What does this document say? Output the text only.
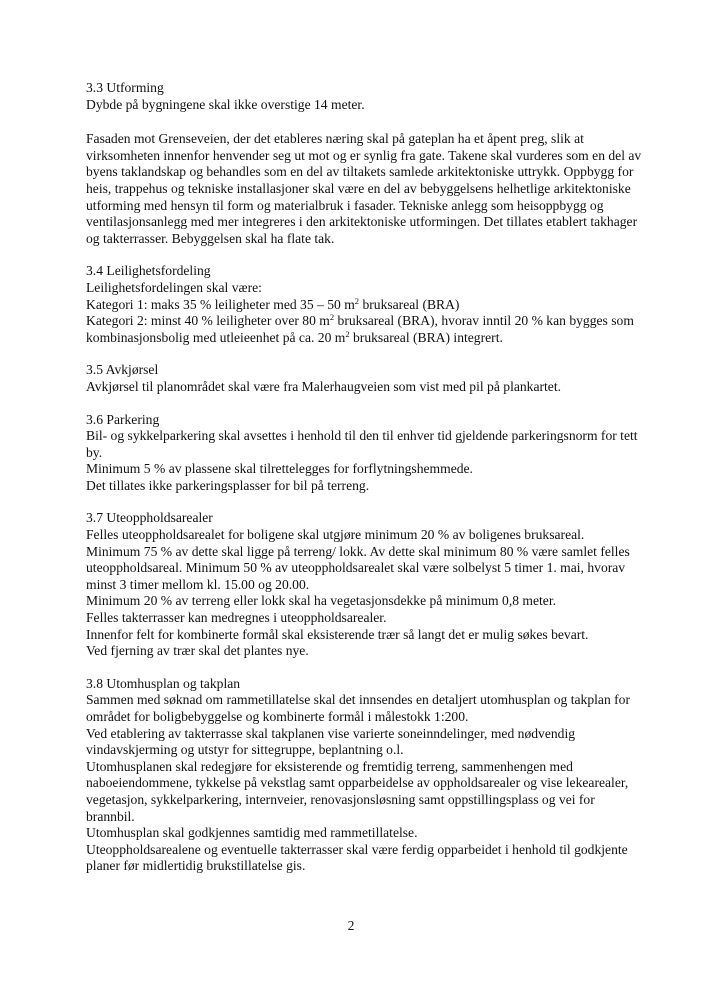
3.3 Utforming

Dybde på bygningene skal ikke overstige 14 meter.

Fasaden mot Grenseveien, der det etableres næring skal på gateplan ha et åpent preg, slik at virksomheten innenfor henvender seg ut mot og er synlig fra gate. Takene skal vurderes som en del av byens taklandskap og behandles som en del av tiltakets samlede arkitektoniske uttrykk. Oppbygg for heis, trappehus og tekniske installasjoner skal være en del av bebyggelsens helhetlige arkitektoniske utforming med hensyn til form og materialbruk i fasader. Tekniske anlegg som heisoppbygg og ventilasjonsanlegg med mer integreres i den arkitektoniske utformingen. Det tillates etablert takhager og takterrasser. Bebyggelsen skal ha flate tak.

3.4 Leilighetsfordeling

Leilighetsfordelingen skal være:

Kategori 1: maks 35 % leiligheter med 35 – 50 $m^2$ bruksareal (BRA)

Kategori 2: minst 40 % leiligheter over 80 $m^2$ bruksareal (BRA), hvorav inntil 20 % kan bygges som kombinasjonsbolig med utleieenhet på ca. 20 $m^2$ bruksareal (BRA) integrert.

3.5 Avkjørsel

Avkjørsel til planområdet skal være fra Malerhaugveien som vist med pil på plankartet.

3.6 Parkering

Bil- og sykkelparkering skal avsettes i henhold til den til enhver tid gjeldende parkeringsnorm for tett by.

Minimum 5 % av plassene skal tilrettelegges for forflytningshemmede.

Det tillates ikke parkeringsplasser for bil på terreng.

3.7 Uteoppholdsarealer

Felles uteoppholdsarealet for boligene skal utgjøre minimum 20 % av boligenes bruksareal.

Minimum 75 % av dette skal ligge på terreng/ lokk. Av dette skal minimum 80 % være samlet felles uteoppholdsareal. Minimum 50 % av uteoppholdsarealet skal være solbelyst 5 timer 1. mai, hvorav minst 3 timer mellom kl. 15.00 og 20.00.

Minimum 20 % av terreng eller lokk skal ha vegetasjonsdekke på minimum 0,8 meter.

Felles takterrasser kan medregnes i uteoppholdsarealer.

Innenfor felt for kombinerte formål skal eksisterende trær så langt det er mulig søkes bevart.

Ved fjerning av trær skal det plantes nye.

3.8 Utomhusplan og takplan

Sammen med søknad om rammetillatelse skal det innsendes en detaljert utomhusplan og takplan for området for boligbebyggelse og kombinerte formål i målestokk 1:200.

Ved etablering av takterrasse skal takplanen vise varierte soneinndelinger, med nødvendig vindavskjerming og utstyr for sittegruppe, beplantning o.l.

Utomhusplanen skal redegjøre for eksisterende og fremtidig terreng, sammenhengen med naboeiendommene, tykkelse på vekstlag samt opparbeidelse av oppholdsarealer og vise lekearealer, vegetasjon, sykkelparkering, internveier, renovasjonsløsning samt oppstillingsplass og vei for brannbil.

Utomhusplan skal godkjennes samtidig med rammetillatelse.

Uteoppholdsarealene og eventuelle takterrasser skal være ferdig opparbeidet i henhold til godkjente planer før midlertidig brukstillatelse gis.

2
